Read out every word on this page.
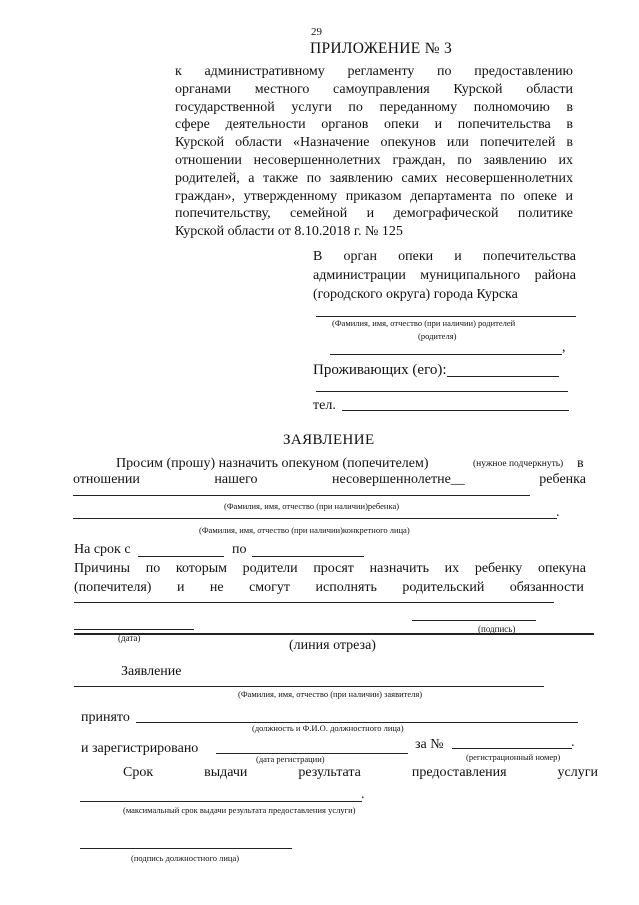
29
ПРИЛОЖЕНИЕ № 3
к административному регламенту по предоставлению
органами местного самоуправления Курской области
государственной услуги по переданному полномочию в
сфере деятельности органов опеки и попечительства в
Курской области «Назначение опекунов или попечителей в
отношении несовершеннолетних граждан, по заявлению их
родителей, а также по заявлению самих несовершеннолетних
граждан», утвержденному приказом департамента по опеке и
попечительству, семейной и демографической политике
Курской области от 8.10.2018 г. № 125
В орган опеки и попечительства
администрации муниципального района
(городского округа) города Курска
(Фамилия, имя, отчество (при наличии) родителей
(родителя)
,
Проживающих (его):
тел.
ЗАЯВЛЕНИЕ
Просим (прошу) назначить опекуном (попечителем)	(нужное подчеркнуть) в
отношении	нашего	несовершеннолетне__	ребенка
(Фамилия, имя, отчество (при наличии)ребенка)	.
(Фамилия, имя, отчество (при наличии)конкретного лица)
На срок с	по
Причины по которым родители просят назначить их ребенку опекуна
(попечителя) и не смогут исполнять родительский обязанности
(подпись)
(дата)	(линия отреза)
Заявление
(Фамилия, имя, отчество (при наличии) заявителя)
принято
(должность и Ф.И.О. должностного лица)
и зарегистрировано	за №	.
(дата регистрации)	(регистрационный номер)
Срок	выдачи	результата	предоставления	услуги
.
(максимальный срок выдачи результата предоставления услуги)
(подпись должностного лица)
